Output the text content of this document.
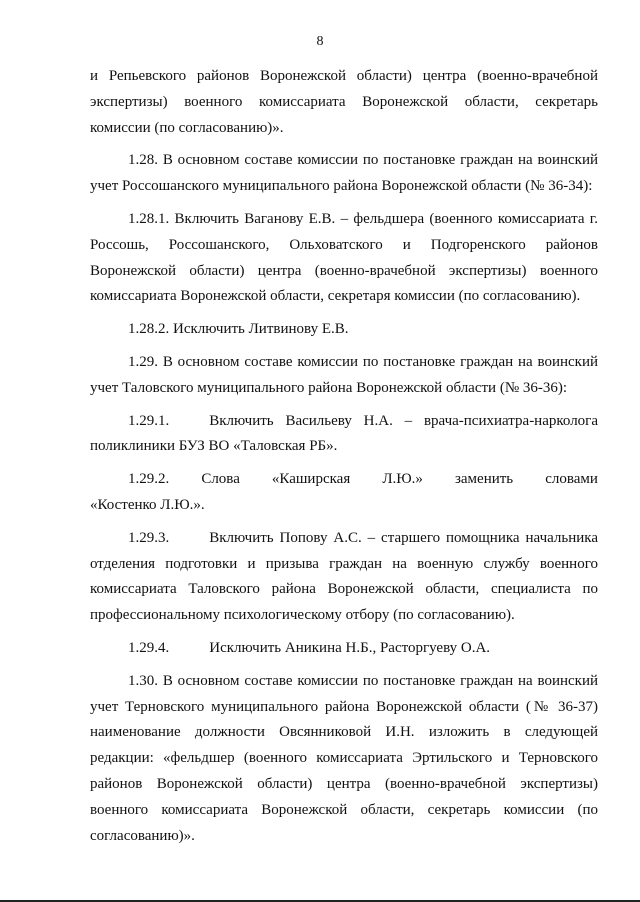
8

и Репьевского районов Воронежской области) центра (военно-врачебной экспертизы) военного комиссариата Воронежской области, секретарь комиссии (по согласованию)».

1.28. В основном составе комиссии по постановке граждан на воинский учет Россошанского муниципального района Воронежской области (№ 36-34):

1.28.1. Включить Ваганову Е.В. – фельдшера (военного комиссариата г. Россошь, Россошанского, Ольховатского и Подгоренского районов Воронежской области) центра (военно-врачебной экспертизы) военного комиссариата Воронежской области, секретаря комиссии (по согласованию).

1.28.2. Исключить Литвинову Е.В.

1.29. В основном составе комиссии по постановке граждан на воинский учет Таловского муниципального района Воронежской области (№ 36-36):

1.29.1.	Включить Васильеву Н.А. – врача-психиатра-нарколога поликлиники БУЗ ВО «Таловская РБ».

1.29.2. Слова «Каширская Л.Ю.» заменить словами
«Костенко Л.Ю.».

1.29.3.	Включить Попову А.С. – старшего помощника начальника отделения подготовки и призыва граждан на военную службу военного комиссариата Таловского района Воронежской области, специалиста по профессиональному психологическому отбору (по согласованию).

1.29.4.	Исключить Аникина Н.Б., Расторгуеву О.А.

1.30. В основном составе комиссии по постановке граждан на воинский учет Терновского муниципального района Воронежской области (№ 36-37) наименование должности Овсянниковой И.Н. изложить в следующей редакции: «фельдшер (военного комиссариата Эртильского и Терновского районов Воронежской области) центра (военно-врачебной экспертизы) военного комиссариата Воронежской области, секретарь комиссии (по согласованию)».
